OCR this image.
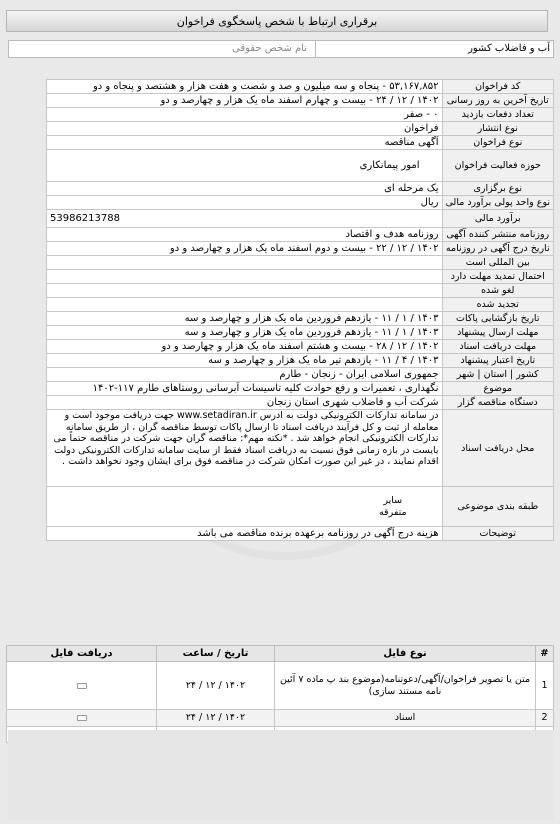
برقراری ارتباط با شخص پاسخگوی فراخوان
آب و فاضلاب کشور
نام شخص حقوقی
کد فراخوان	۵۳,۱۶۷,۸۵۲ - پنجاه و سه میلیون و صد و شصت و هفت هزار و هشتصد و پنجاه و دو
تاریخ آخرین به روز رسانی	۱۴۰۲ / ۱۲ / ۲۴ - بیست و چهارم اسفند ماه یک هزار و چهارصد و دو
تعداد دفعات بازدید	۰ - صفر
نوع انتشار	فراخوان
نوع فراخوان	آگهی مناقصه
حوزه فعالیت فراخوان	امور پیمانکاری
نوع برگزاری	یک مرحله ای
نوع واحد پولی برآورد مالی	ریال
برآورد مالی	53986213788
روزنامه منتشر کننده آگهی	روزنامه هدف و اقتصاد
تاریخ درج آگهی در روزنامه	۱۴۰۲ / ۱۲ / ۲۲ - بیست و دوم اسفند ماه یک هزار و چهارصد و دو
بین المللی است	
احتمال تمدید مهلت دارد	
لغو شده	
تجدید شده	
تاریخ بازگشایی پاکات	۱۴۰۳ / ۱ / ۱۱ - یازدهم فروردین ماه یک هزار و چهارصد و سه
مهلت ارسال پیشنهاد	۱۴۰۳ / ۱ / ۱۱ - یازدهم فروردین ماه یک هزار و چهارصد و سه
مهلت دریافت اسناد	۱۴۰۲ / ۱۲ / ۲۸ - بیست و هشتم اسفند ماه یک هزار و چهارصد و دو
تاریخ اعتبار پیشنهاد	۱۴۰۳ / ۴ / ۱۱ - یازدهم تیر ماه یک هزار و چهارصد و سه
کشور | استان | شهر	جمهوری اسلامی ایران - زنجان - طارم
موضوع	نگهداری ، تعمیرات و رفع حوادث کلیه تاسیسات آبرسانی روستاهای طارم ۱۱۷-۱۴۰۲
دستگاه مناقصه گزار	شرکت آب و فاضلاب شهری استان زنجان
محل دریافت اسناد	در سامانه تدارکات الکترونیکی دولت به آدرس www.setadiran.ir جهت دریافت موجود است و معامله از ثبت و کل فرآیند دریافت اسناد تا ارسال پاکات توسط مناقصه گران ، از طریق سامانه تدارکات الکترونیکی انجام خواهد شد . *نکته مهم*: مناقصه گران جهت شرکت در مناقصه حتماً می بایست در بازه زمانی فوق نسبت به دریافت اسناد فقط از سایت سامانه تدارکات الکترونیکی دولت اقدام نمایند ، در غیر این صورت امکان شرکت در مناقصه فوق برای ایشان وجود نخواهد داشت .
طبقه بندی موضوعی	سایر
متفرقه
توضیحات	هزینه درج آگهی در روزنامه برعهده برنده مناقصه می باشد
#	نوع فایل	تاریخ / ساعت	دریافت فایل
1	متن یا تصویر فراخوان/آگهی/دعوتنامه(موضوع بند پ ماده ۷ آئین نامه مستند سازی)	۱۴۰۲ / ۱۲ / ۲۴	
2	اسناد	۱۴۰۲ / ۱۲ / ۲۴	
